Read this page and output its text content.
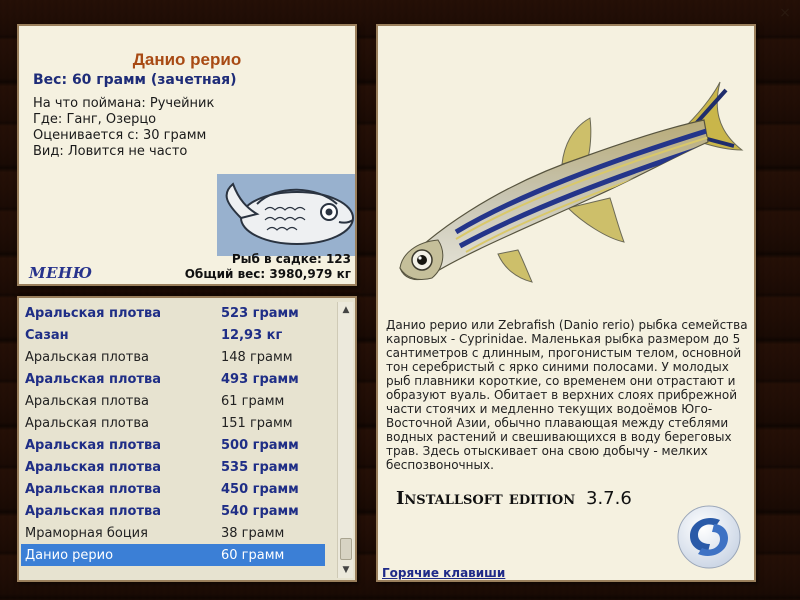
×
Данио рерио
Вес: 60 грамм (зачетная)
На что поймана: Ручейник
Где: Ганг, Озерцо
Оценивается с: 30 грамм
Вид: Ловится не часто
МЕНЮ
Рыб в садке: 123
Общий вес: 3980,979 кг
Аральская плотва	523 грамм
Сазан	12,93 кг
Аральская плотва	148 грамм
Аральская плотва	493 грамм
Аральская плотва	61 грамм
Аральская плотва	151 грамм
Аральская плотва	500 грамм
Аральская плотва	535 грамм
Аральская плотва	450 грамм
Аральская плотва	540 грамм
Мраморная боция	38 грамм
Данио рерио	60 грамм
▲
▼
Данио рерио или Zebrafish (Danio rerio) рыбка семейства карповых - Cyprinidae. Маленькая рыбка размером до 5 сантиметров с длинным, прогонистым телом, основной тон серебристый с ярко синими полосами. У молодых рыб плавники короткие, со временем они отрастают и образуют вуаль. Обитает в верхних слоях прибрежной части стоячих и медленно текущих водоёмов Юго-Восточной Азии, обычно плавающая между стеблями водных растений и свешивающихся в воду береговых трав. Здесь отыскивает она свою добычу - мелких беспозвоночных.
Installsoft edition 3.7.6
Горячие клавиши
